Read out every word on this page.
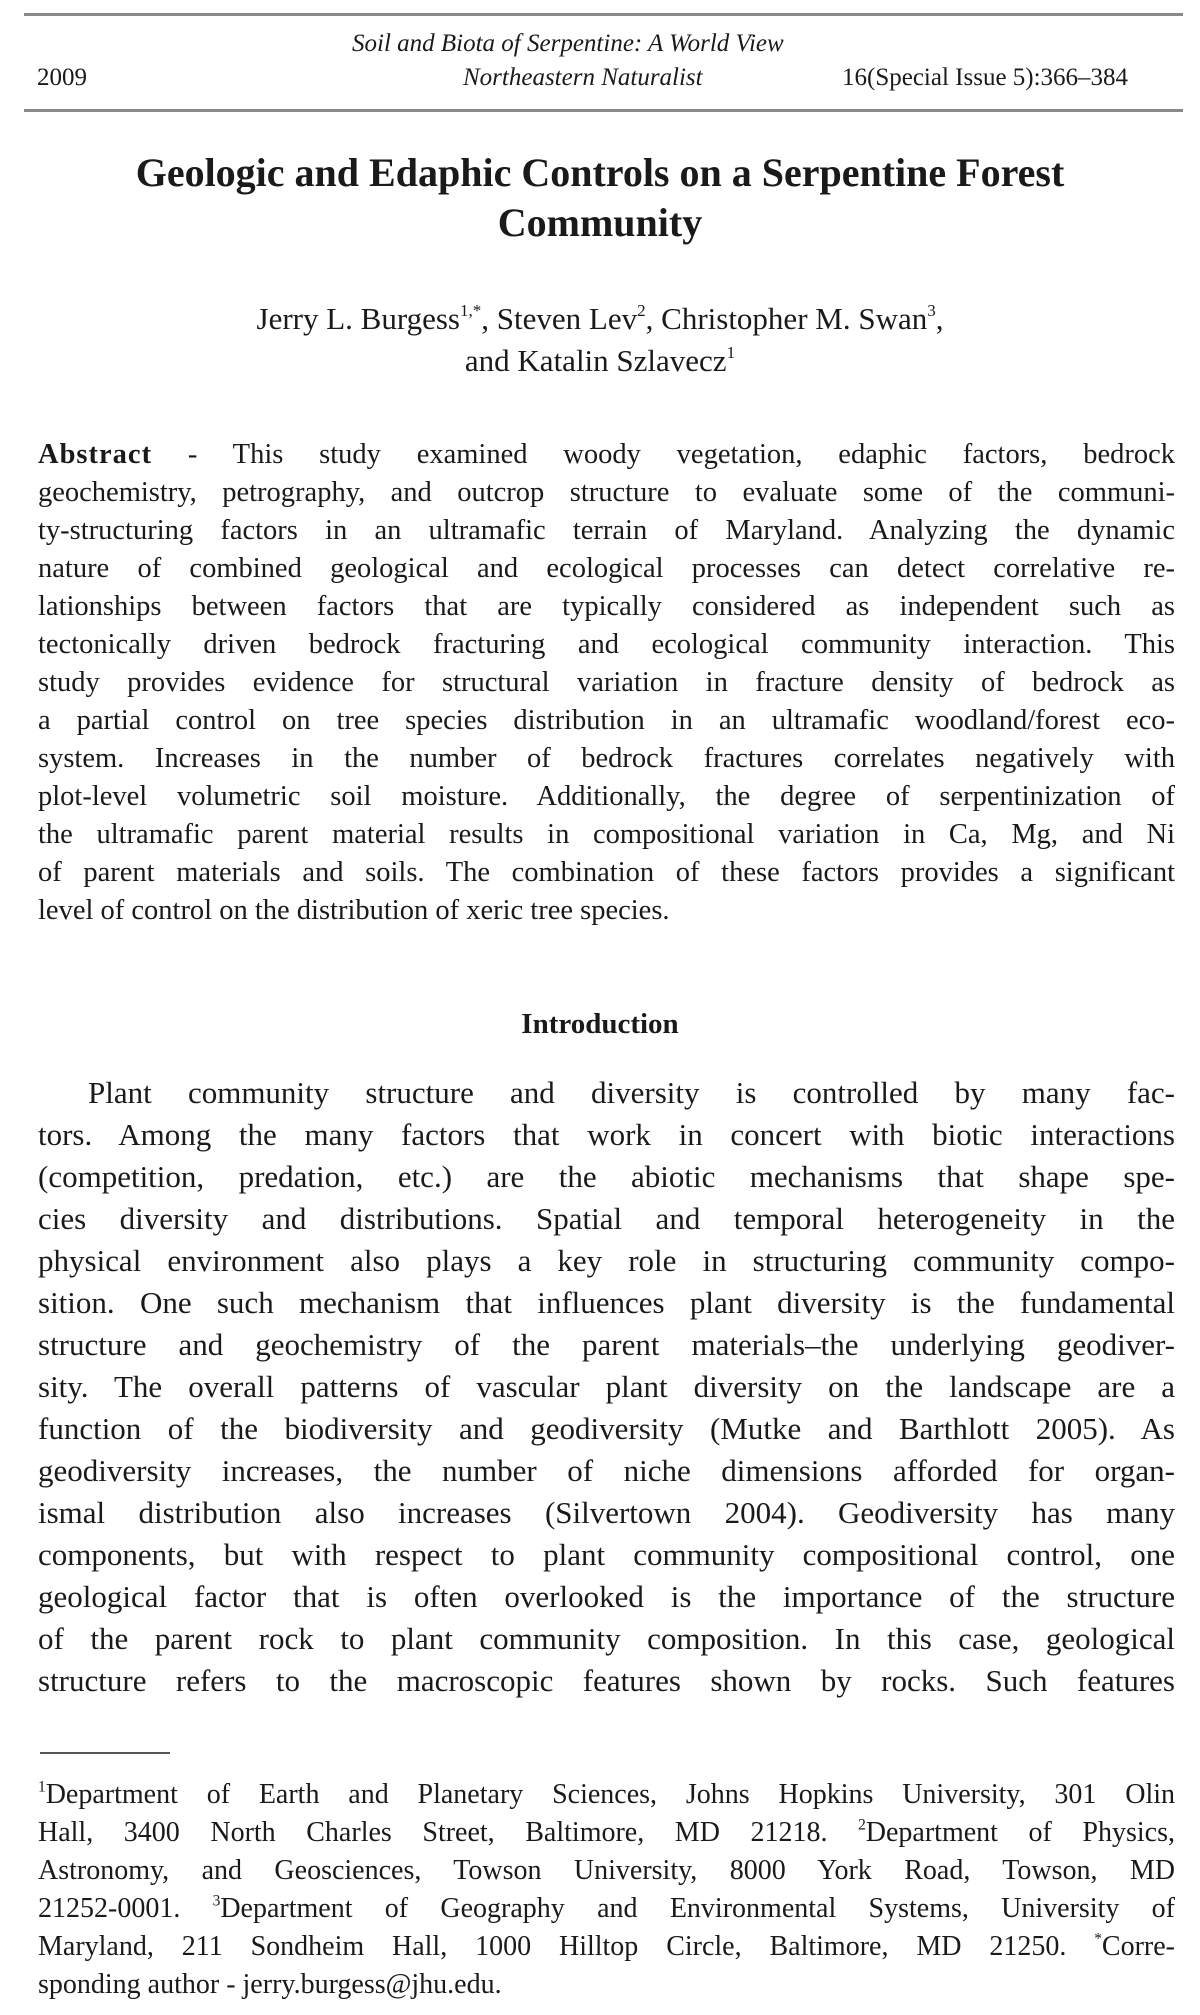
Soil and Biota of Serpentine: A World View
2009	Northeastern Naturalist	16(Special Issue 5):366–384
Geologic and Edaphic Controls on a Serpentine Forest
Community
Jerry L. Burgess$^{1,*}$, Steven Lev$^2$, Christopher M. Swan$^3$,
and Katalin Szlavecz$^1$
Abstract - This study examined woody vegetation, edaphic factors, bedrock
geochemistry, petrography, and outcrop structure to evaluate some of the communi-
ty-structuring factors in an ultramafic terrain of Maryland. Analyzing the dynamic
nature of combined geological and ecological processes can detect correlative re-
lationships between factors that are typically considered as independent such as
tectonically driven bedrock fracturing and ecological community interaction. This
study provides evidence for structural variation in fracture density of bedrock as
a partial control on tree species distribution in an ultramafic woodland/forest eco-
system. Increases in the number of bedrock fractures correlates negatively with
plot-level volumetric soil moisture. Additionally, the degree of serpentinization of
the ultramafic parent material results in compositional variation in Ca, Mg, and Ni
of parent materials and soils. The combination of these factors provides a significant
level of control on the distribution of xeric tree species.
Introduction
Plant community structure and diversity is controlled by many fac-
tors. Among the many factors that work in concert with biotic interactions
(competition, predation, etc.) are the abiotic mechanisms that shape spe-
cies diversity and distributions. Spatial and temporal heterogeneity in the
physical environment also plays a key role in structuring community compo-
sition. One such mechanism that influences plant diversity is the fundamental
structure and geochemistry of the parent materials–the underlying geodiver-
sity. The overall patterns of vascular plant diversity on the landscape are a
function of the biodiversity and geodiversity (Mutke and Barthlott 2005). As
geodiversity increases, the number of niche dimensions afforded for organ-
ismal distribution also increases (Silvertown 2004). Geodiversity has many
components, but with respect to plant community compositional control, one
geological factor that is often overlooked is the importance of the structure
of the parent rock to plant community composition. In this case, geological
structure refers to the macroscopic features shown by rocks. Such features
$^1$Department of Earth and Planetary Sciences, Johns Hopkins University, 301 Olin
Hall, 3400 North Charles Street, Baltimore, MD 21218. $^2$Department of Physics,
Astronomy, and Geosciences, Towson University, 8000 York Road, Towson, MD
21252-0001. $^3$Department of Geography and Environmental Systems, University of
Maryland, 211 Sondheim Hall, 1000 Hilltop Circle, Baltimore, MD 21250. *Corre-
sponding author - jerry.burgess@jhu.edu.
